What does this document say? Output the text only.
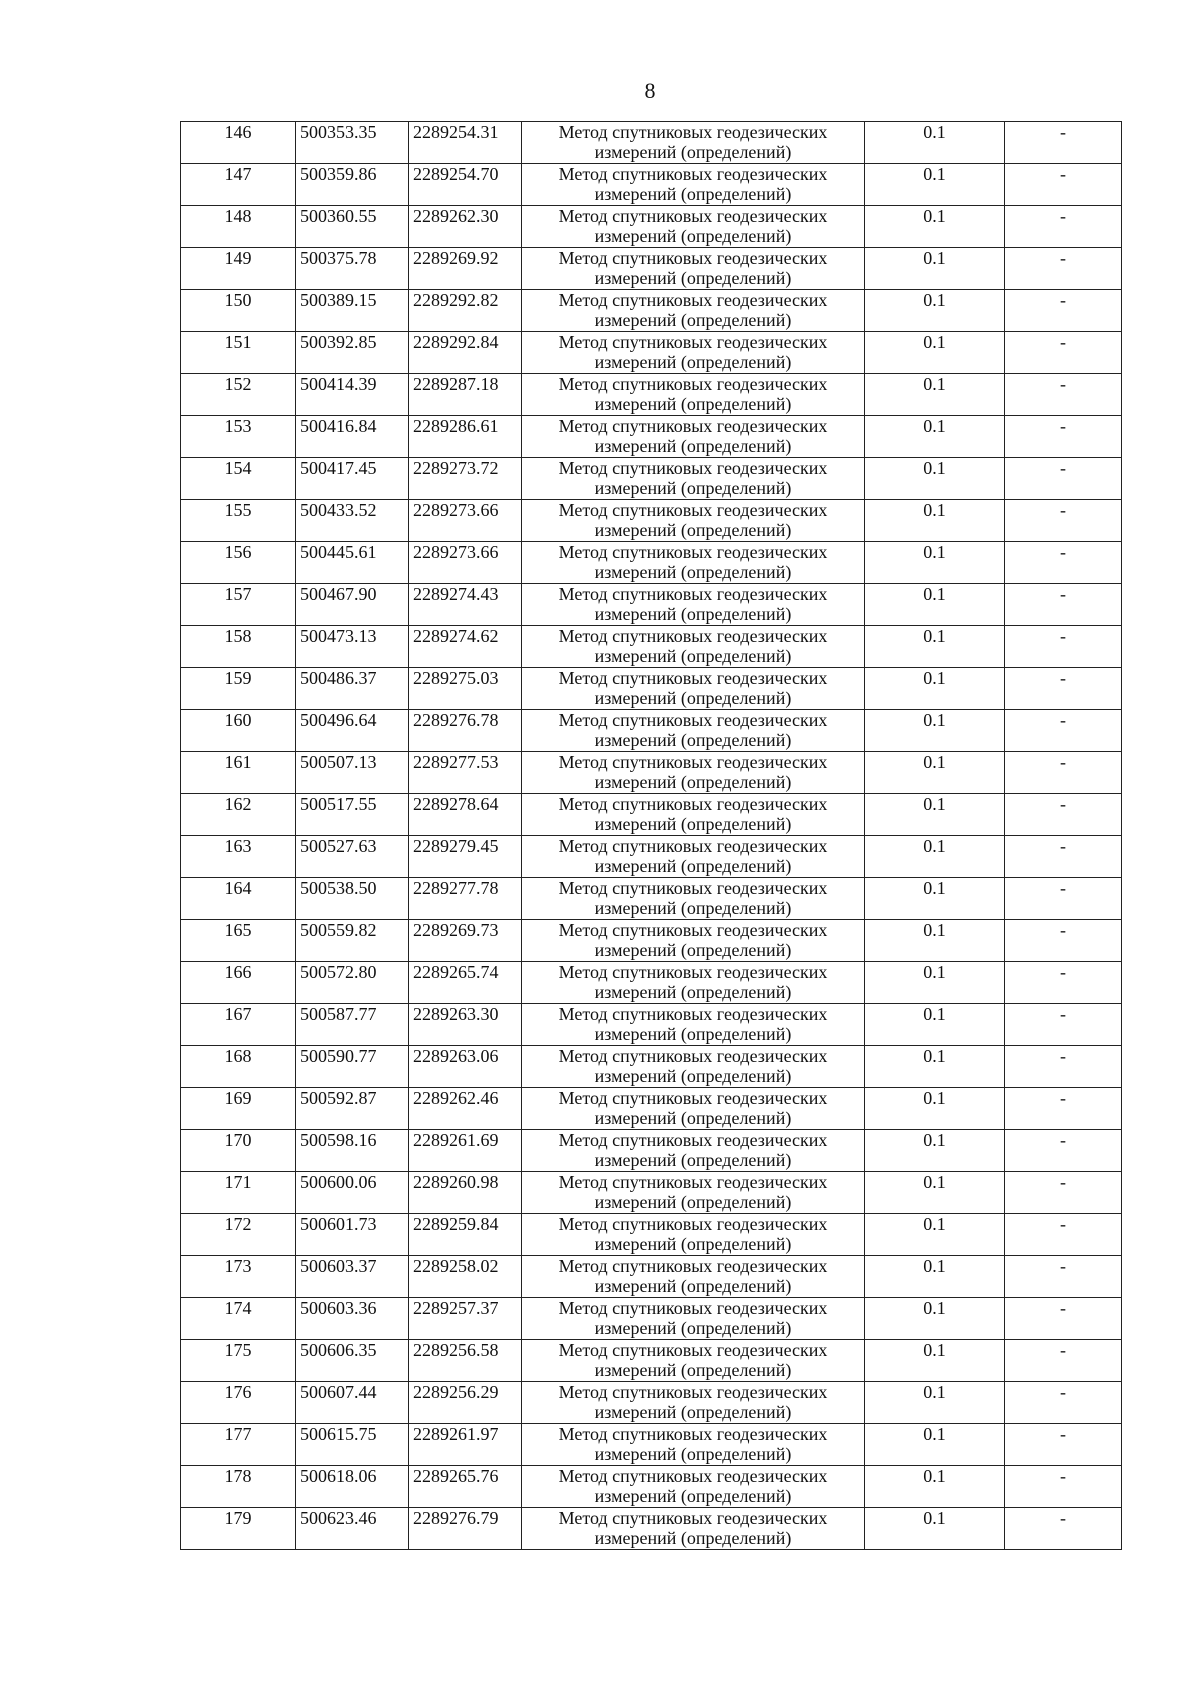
8
146	500353.35	2289254.31	Метод спутниковых геодезических
измерений (определений)	0.1	-
147	500359.86	2289254.70	Метод спутниковых геодезических
измерений (определений)	0.1	-
148	500360.55	2289262.30	Метод спутниковых геодезических
измерений (определений)	0.1	-
149	500375.78	2289269.92	Метод спутниковых геодезических
измерений (определений)	0.1	-
150	500389.15	2289292.82	Метод спутниковых геодезических
измерений (определений)	0.1	-
151	500392.85	2289292.84	Метод спутниковых геодезических
измерений (определений)	0.1	-
152	500414.39	2289287.18	Метод спутниковых геодезических
измерений (определений)	0.1	-
153	500416.84	2289286.61	Метод спутниковых геодезических
измерений (определений)	0.1	-
154	500417.45	2289273.72	Метод спутниковых геодезических
измерений (определений)	0.1	-
155	500433.52	2289273.66	Метод спутниковых геодезических
измерений (определений)	0.1	-
156	500445.61	2289273.66	Метод спутниковых геодезических
измерений (определений)	0.1	-
157	500467.90	2289274.43	Метод спутниковых геодезических
измерений (определений)	0.1	-
158	500473.13	2289274.62	Метод спутниковых геодезических
измерений (определений)	0.1	-
159	500486.37	2289275.03	Метод спутниковых геодезических
измерений (определений)	0.1	-
160	500496.64	2289276.78	Метод спутниковых геодезических
измерений (определений)	0.1	-
161	500507.13	2289277.53	Метод спутниковых геодезических
измерений (определений)	0.1	-
162	500517.55	2289278.64	Метод спутниковых геодезических
измерений (определений)	0.1	-
163	500527.63	2289279.45	Метод спутниковых геодезических
измерений (определений)	0.1	-
164	500538.50	2289277.78	Метод спутниковых геодезических
измерений (определений)	0.1	-
165	500559.82	2289269.73	Метод спутниковых геодезических
измерений (определений)	0.1	-
166	500572.80	2289265.74	Метод спутниковых геодезических
измерений (определений)	0.1	-
167	500587.77	2289263.30	Метод спутниковых геодезических
измерений (определений)	0.1	-
168	500590.77	2289263.06	Метод спутниковых геодезических
измерений (определений)	0.1	-
169	500592.87	2289262.46	Метод спутниковых геодезических
измерений (определений)	0.1	-
170	500598.16	2289261.69	Метод спутниковых геодезических
измерений (определений)	0.1	-
171	500600.06	2289260.98	Метод спутниковых геодезических
измерений (определений)	0.1	-
172	500601.73	2289259.84	Метод спутниковых геодезических
измерений (определений)	0.1	-
173	500603.37	2289258.02	Метод спутниковых геодезических
измерений (определений)	0.1	-
174	500603.36	2289257.37	Метод спутниковых геодезических
измерений (определений)	0.1	-
175	500606.35	2289256.58	Метод спутниковых геодезических
измерений (определений)	0.1	-
176	500607.44	2289256.29	Метод спутниковых геодезических
измерений (определений)	0.1	-
177	500615.75	2289261.97	Метод спутниковых геодезических
измерений (определений)	0.1	-
178	500618.06	2289265.76	Метод спутниковых геодезических
измерений (определений)	0.1	-
179	500623.46	2289276.79	Метод спутниковых геодезических
измерений (определений)	0.1	-
